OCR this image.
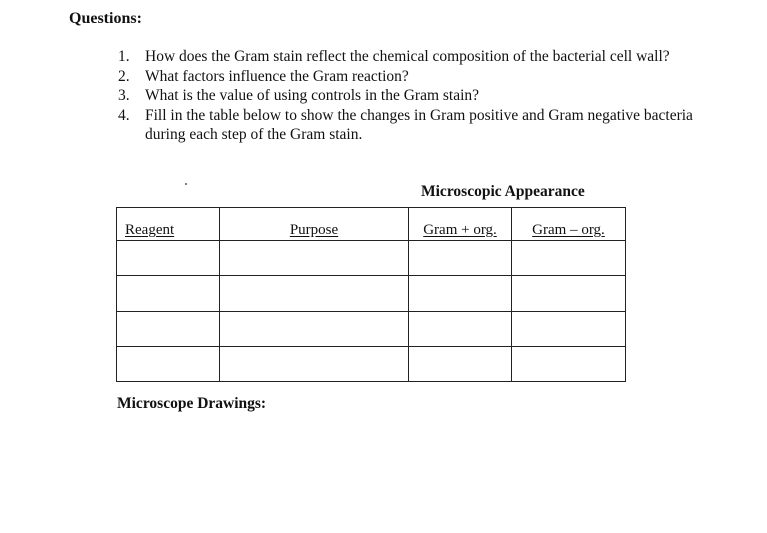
Questions:
1. How does the Gram stain reflect the chemical composition of the bacterial cell wall?
2. What factors influence the Gram reaction?
3. What is the value of using controls in the Gram stain?
4. Fill in the table below to show the changes in Gram positive and Gram negative bacteria during each step of the Gram stain.
Microscopic Appearance
Reagent	Purpose	Gram + org.	Gram – org.

Microscope Drawings:
